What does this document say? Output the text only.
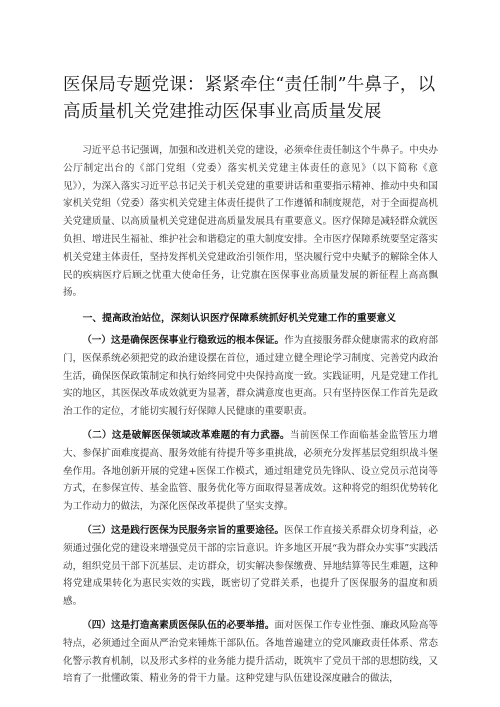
医保局专题党课：紧紧牵住“责任制”牛鼻子，以高质量机关党建推动医保事业高质量发展

习近平总书记强调，加强和改进机关党的建设，必须牵住责任制这个牛鼻子。中央办公厅制定出台的《部门党组（党委）落实机关党建主体责任的意见》（以下简称《意见》），为深入落实习近平总书记关于机关党建的重要讲话和重要指示精神、推动中央和国家机关党组（党委）落实机关党建主体责任提供了工作遵循和制度规范，对于全面提高机关党建质量、以高质量机关党建促进高质量发展具有重要意义。医疗保障是减轻群众就医负担、增进民生福祉、维护社会和谐稳定的重大制度安排。全市医疗保障系统要坚定落实机关党建主体责任，坚持发挥机关党建政治引领作用，坚决履行党中央赋予的解除全体人民的疾病医疗后顾之忧重大使命任务，让党旗在医保事业高质量发展的新征程上高高飘扬。

一、提高政治站位，深刻认识医疗保障系统抓好机关党建工作的重要意义

（一）这是确保医保事业行稳致远的根本保证。作为直接服务群众健康需求的政府部门，医保系统必须把党的政治建设摆在首位，通过建立健全理论学习制度、完善党内政治生活，确保医保政策制定和执行始终同党中央保持高度一致。实践证明，凡是党建工作扎实的地区，其医保改革成效就更为显著，群众满意度也更高。只有坚持医保工作首先是政治工作的定位，才能切实履行好保障人民健康的重要职责。

（二）这是破解医保领域改革难题的有力武器。当前医保工作面临基金监管压力增大、参保扩面难度提高、服务效能有待提升等多重挑战，必须充分发挥基层党组织战斗堡垒作用。各地创新开展的党建+医保工作模式，通过组建党员先锋队、设立党员示范岗等方式，在参保宣传、基金监管、服务优化等方面取得显著成效。这种将党的组织优势转化为工作动力的做法，为深化医保改革提供了坚实支撑。

（三）这是践行医保为民服务宗旨的重要途径。医保工作直接关系群众切身利益，必须通过强化党的建设来增强党员干部的宗旨意识。许多地区开展“我为群众办实事”实践活动，组织党员干部下沉基层、走访群众，切实解决参保缴费、异地结算等民生难题，这种将党建成果转化为惠民实效的实践，既密切了党群关系，也提升了医保服务的温度和质感。

（四）这是打造高素质医保队伍的必要举措。面对医保工作专业性强、廉政风险高等特点，必须通过全面从严治党来锤炼干部队伍。各地普遍建立的党风廉政责任体系、常态化警示教育机制，以及形式多样的业务能力提升活动，既筑牢了党员干部的思想防线，又培育了一批懂政策、精业务的骨干力量。这种党建与队伍建设深度融合的做法，
